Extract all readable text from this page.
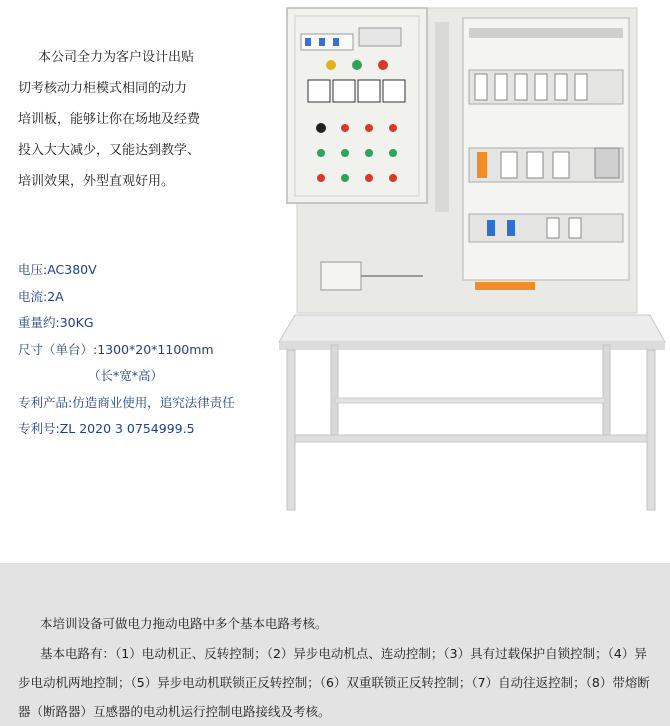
本公司全力为客户设计出贴
切考核动力柜模式相同的动力
培训板，能够让你在场地及经费
投入大大减少，又能达到教学、
培训效果，外型直观好用。
电压:AC380V
电流:2A
重量约:30KG
尺寸（单台）:1300*20*1100mm
（长*宽*高）
专利产品:仿造商业使用，追究法律责任
专利号:ZL 2020 3 0754999.5
本培训设备可做电力拖动电路中多个基本电路考核。
基本电路有：（1）电动机正、反转控制；（2）异步电动机点、连动控制；（3）具有过载保护自锁控制；（4）异步电动机两地控制；（5）异步电动机联锁正反转控制；（6）双重联锁正反转控制；（7）自动往返控制；（8）带熔断器（断路器）互感器的电动机运行控制电路接线及考核。
